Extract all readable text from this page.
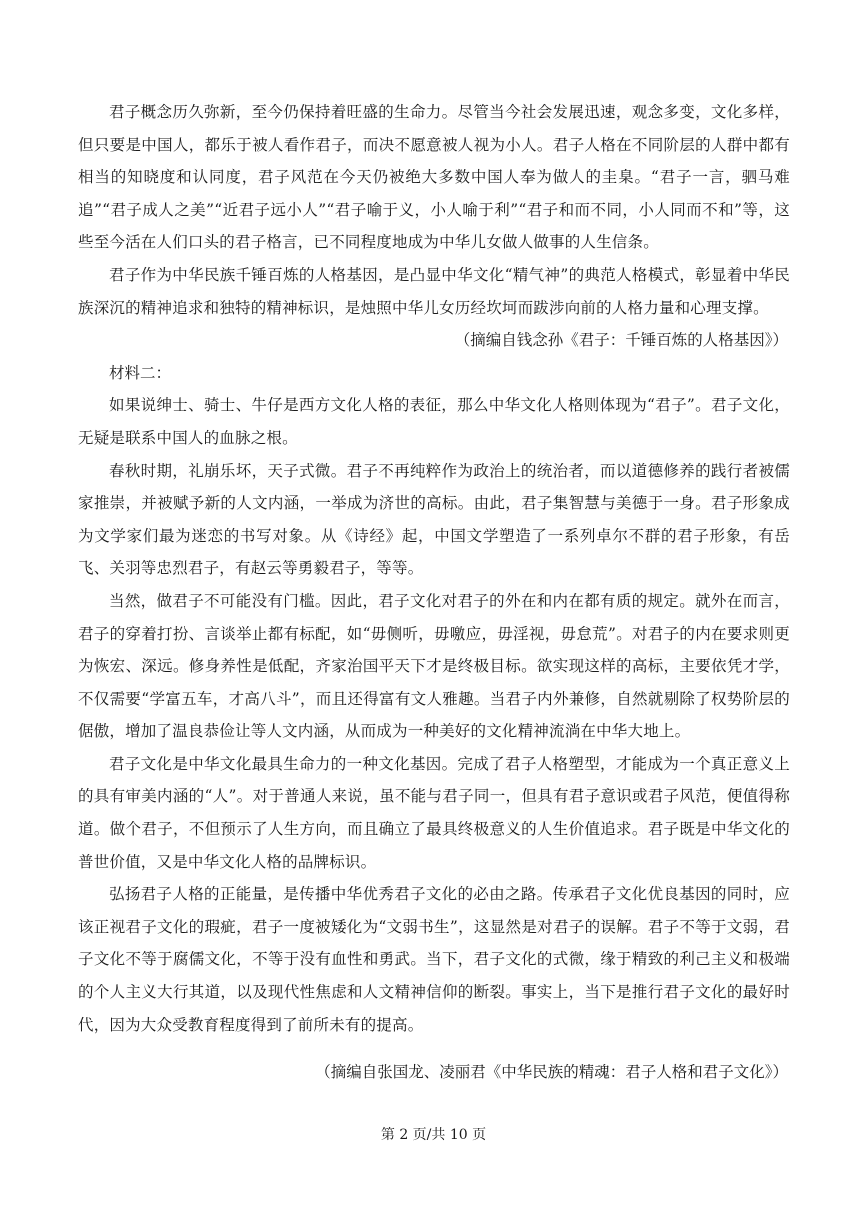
君子概念历久弥新，至今仍保持着旺盛的生命力。尽管当今社会发展迅速，观念多变，文化多样，但只要是中国人，都乐于被人看作君子，而决不愿意被人视为小人。君子人格在不同阶层的人群中都有相当的知晓度和认同度，君子风范在今天仍被绝大多数中国人奉为做人的圭臬。“君子一言，驷马难追”“君子成人之美”“近君子远小人”“君子喻于义，小人喻于利”“君子和而不同，小人同而不和”等，这些至今活在人们口头的君子格言，已不同程度地成为中华儿女做人做事的人生信条。

君子作为中华民族千锤百炼的人格基因，是凸显中华文化“精气神”的典范人格模式，彰显着中华民族深沉的精神追求和独特的精神标识，是烛照中华儿女历经坎坷而跋涉向前的人格力量和心理支撑。

（摘编自钱念孙《君子：千锤百炼的人格基因》）

材料二：

如果说绅士、骑士、牛仔是西方文化人格的表征，那么中华文化人格则体现为“君子”。君子文化，无疑是联系中国人的血脉之根。

春秋时期，礼崩乐坏，天子式微。君子不再纯粹作为政治上的统治者，而以道德修养的践行者被儒家推崇，并被赋予新的人文内涵，一举成为济世的高标。由此，君子集智慧与美德于一身。君子形象成为文学家们最为迷恋的书写对象。从《诗经》起，中国文学塑造了一系列卓尔不群的君子形象，有岳飞、关羽等忠烈君子，有赵云等勇毅君子，等等。

当然，做君子不可能没有门槛。因此，君子文化对君子的外在和内在都有质的规定。就外在而言，君子的穿着打扮、言谈举止都有标配，如“毋侧听，毋噭应，毋淫视，毋怠荒”。对君子的内在要求则更为恢宏、深远。修身养性是低配，齐家治国平天下才是终极目标。欲实现这样的高标，主要依凭才学，不仅需要“学富五车，才高八斗”，而且还得富有文人雅趣。当君子内外兼修，自然就剔除了权势阶层的倨傲，增加了温良恭俭让等人文内涵，从而成为一种美好的文化精神流淌在中华大地上。

君子文化是中华文化最具生命力的一种文化基因。完成了君子人格塑型，才能成为一个真正意义上的具有审美内涵的“人”。对于普通人来说，虽不能与君子同一，但具有君子意识或君子风范，便值得称道。做个君子，不但预示了人生方向，而且确立了最具终极意义的人生价值追求。君子既是中华文化的普世价值，又是中华文化人格的品牌标识。

弘扬君子人格的正能量，是传播中华优秀君子文化的必由之路。传承君子文化优良基因的同时，应该正视君子文化的瑕疵，君子一度被矮化为“文弱书生”，这显然是对君子的误解。君子不等于文弱，君子文化不等于腐儒文化，不等于没有血性和勇武。当下，君子文化的式微，缘于精致的利己主义和极端的个人主义大行其道，以及现代性焦虑和人文精神信仰的断裂。事实上，当下是推行君子文化的最好时代，因为大众受教育程度得到了前所未有的提高。

（摘编自张国龙、凌丽君《中华民族的精魂：君子人格和君子文化》）

第 2 页/共 10 页
